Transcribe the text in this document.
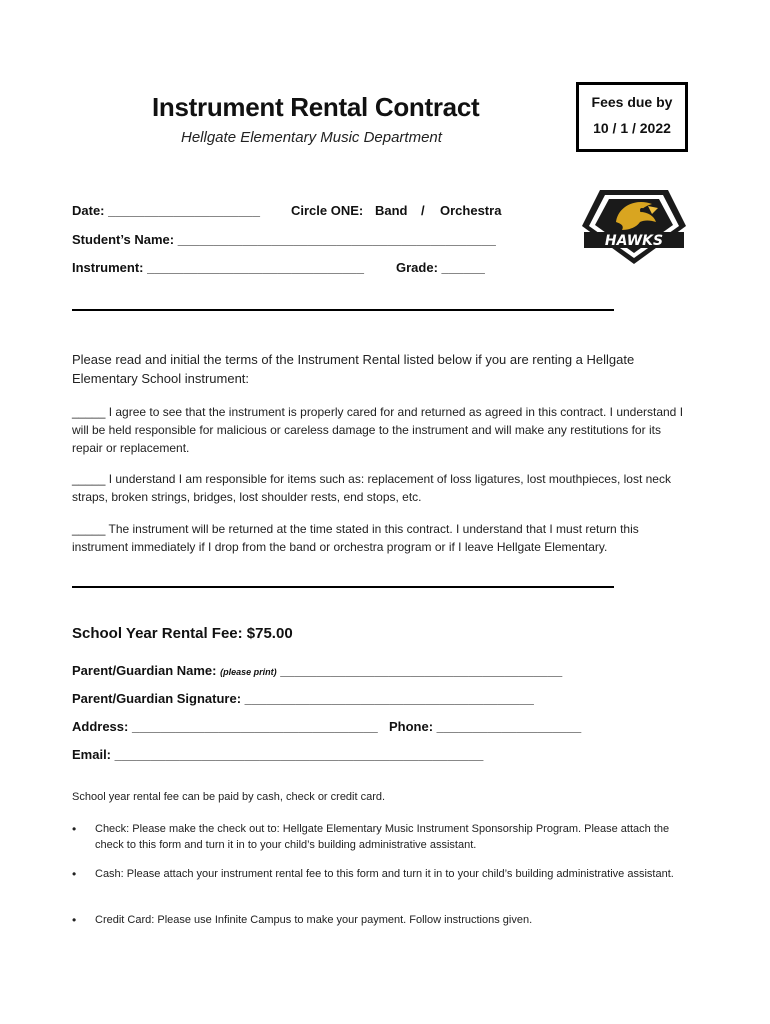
Instrument Rental Contract
Hellgate Elementary Music Department
Fees due by
10 / 1 / 2022
HAWKS
Date: _____________________ Circle ONE: Band / Orchestra
Student’s Name: ____________________________________________
Instrument: ______________________________ Grade: ______
Please read and initial the terms of the Instrument Rental listed below if you are renting a Hellgate Elementary School instrument:
_____ I agree to see that the instrument is properly cared for and returned as agreed in this contract. I understand I will be held responsible for malicious or careless damage to the instrument and will make any restitutions for its repair or replacement.
_____ I understand I am responsible for items such as: replacement of loss ligatures, lost mouthpieces, lost neck straps, broken strings, bridges, lost shoulder rests, end stops, etc.
_____ The instrument will be returned at the time stated in this contract. I understand that I must return this instrument immediately if I drop from the band or orchestra program or if I leave Hellgate Elementary.
School Year Rental Fee: $75.00
Parent/Guardian Name: (please print) _______________________________________
Parent/Guardian Signature: ________________________________________
Address: __________________________________ Phone: ____________________
Email: ___________________________________________________
School year rental fee can be paid by cash, check or credit card.
• Check: Please make the check out to: Hellgate Elementary Music Instrument Sponsorship Program. Please attach the check to this form and turn it in to your child’s building administrative assistant.
• Cash: Please attach your instrument rental fee to this form and turn it in to your child’s building administrative assistant.
• Credit Card: Please use Infinite Campus to make your payment. Follow instructions given.
